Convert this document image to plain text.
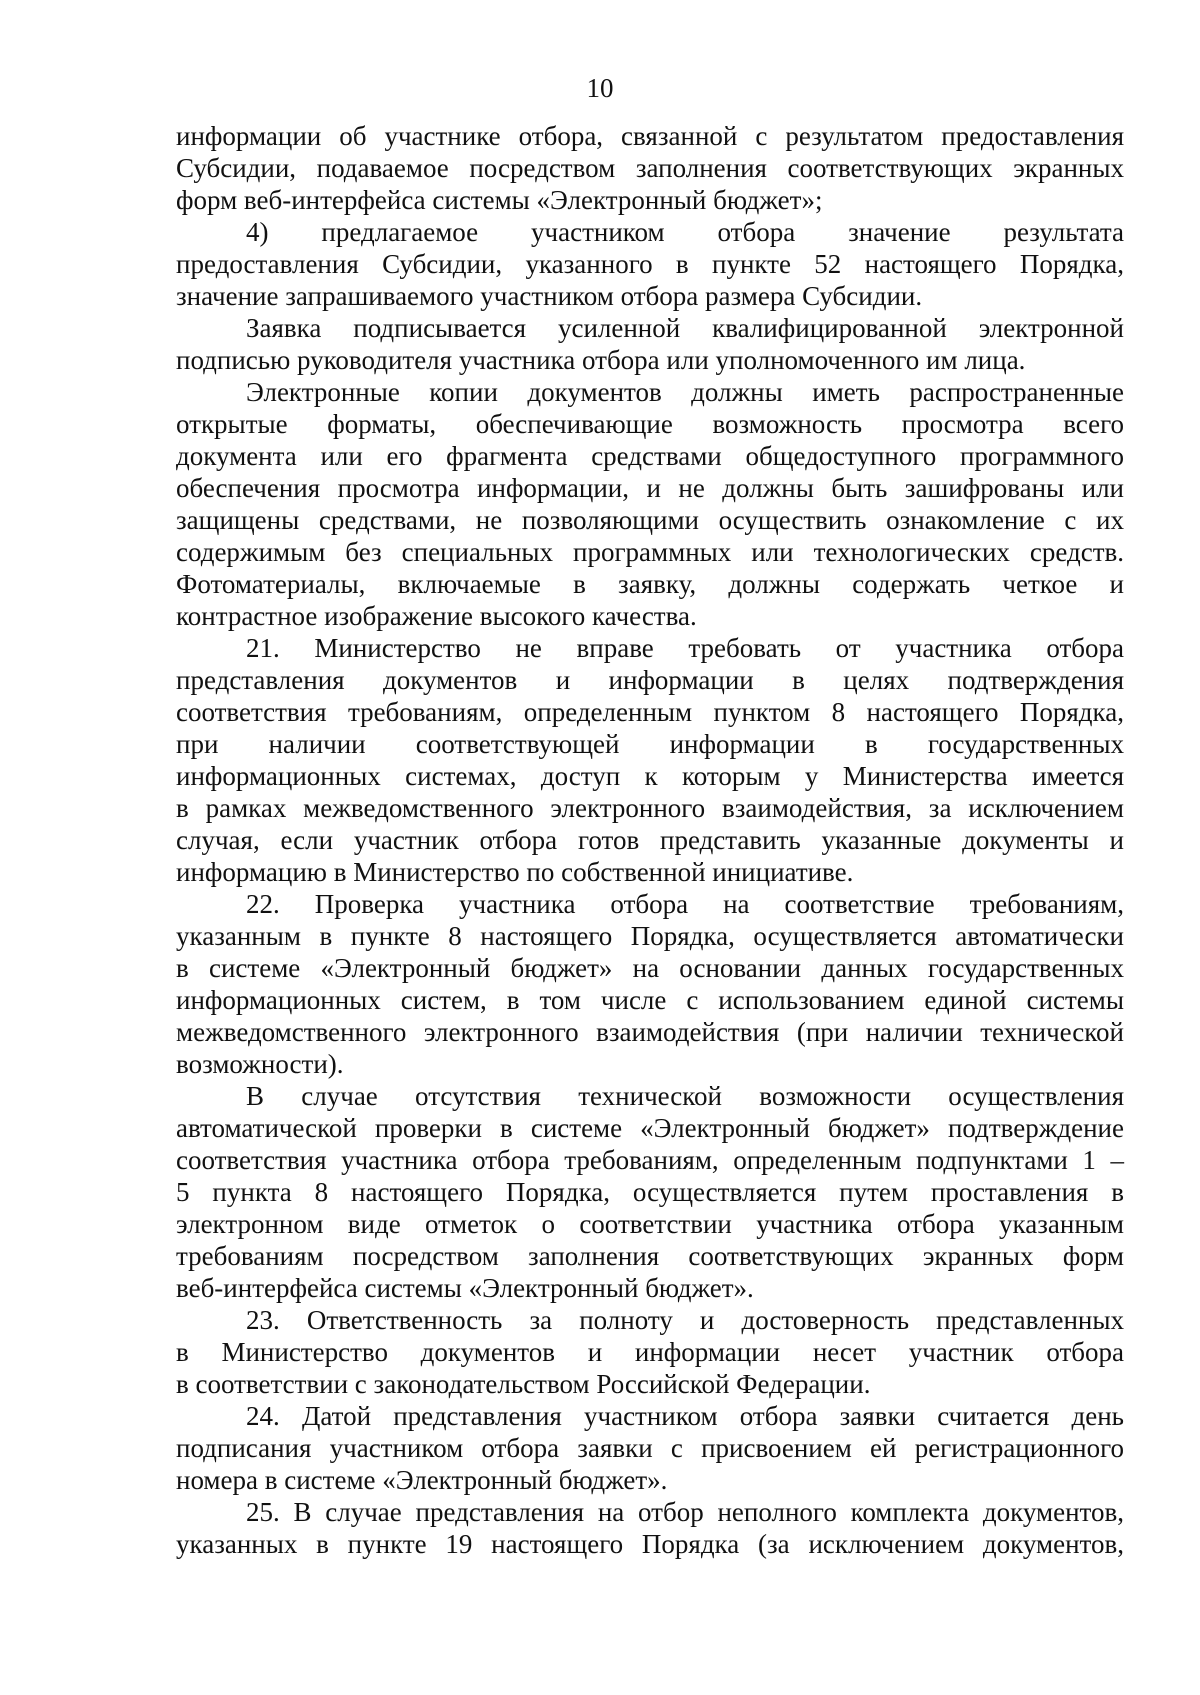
10
информации об участнике отбора, связанной с результатом предоставления
Субсидии, подаваемое посредством заполнения соответствующих экранных
форм веб-интерфейса системы «Электронный бюджет»;
4) предлагаемое участником отбора значение результата
предоставления Субсидии, указанного в пункте 52 настоящего Порядка,
значение запрашиваемого участником отбора размера Субсидии.
Заявка подписывается усиленной квалифицированной электронной
подписью руководителя участника отбора или уполномоченного им лица.
Электронные копии документов должны иметь распространенные
открытые форматы, обеспечивающие возможность просмотра всего
документа или его фрагмента средствами общедоступного программного
обеспечения просмотра информации, и не должны быть зашифрованы или
защищены средствами, не позволяющими осуществить ознакомление с их
содержимым без специальных программных или технологических средств.
Фотоматериалы, включаемые в заявку, должны содержать четкое и
контрастное изображение высокого качества.
21. Министерство не вправе требовать от участника отбора
представления документов и информации в целях подтверждения
соответствия требованиям, определенным пунктом 8 настоящего Порядка,
при наличии соответствующей информации в государственных
информационных системах, доступ к которым у Министерства имеется
в рамках межведомственного электронного взаимодействия, за исключением
случая, если участник отбора готов представить указанные документы и
информацию в Министерство по собственной инициативе.
22. Проверка участника отбора на соответствие требованиям,
указанным в пункте 8 настоящего Порядка, осуществляется автоматически
в системе «Электронный бюджет» на основании данных государственных
информационных систем, в том числе с использованием единой системы
межведомственного электронного взаимодействия (при наличии технической
возможности).
В случае отсутствия технической возможности осуществления
автоматической проверки в системе «Электронный бюджет» подтверждение
соответствия участника отбора требованиям, определенным подпунктами 1 –
5 пункта 8 настоящего Порядка, осуществляется путем проставления в
электронном виде отметок о соответствии участника отбора указанным
требованиям посредством заполнения соответствующих экранных форм
веб-интерфейса системы «Электронный бюджет».
23. Ответственность за полноту и достоверность представленных
в Министерство документов и информации несет участник отбора
в соответствии с законодательством Российской Федерации.
24. Датой представления участником отбора заявки считается день
подписания участником отбора заявки с присвоением ей регистрационного
номера в системе «Электронный бюджет».
25. В случае представления на отбор неполного комплекта документов,
указанных в пункте 19 настоящего Порядка (за исключением документов,
